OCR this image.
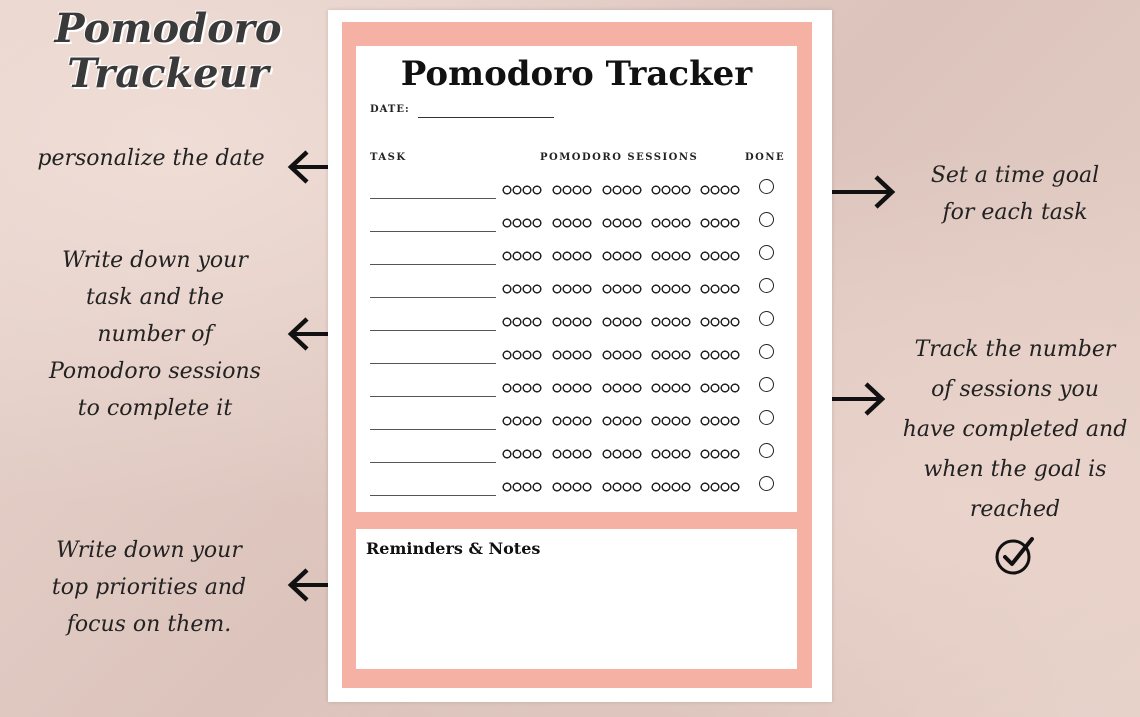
Pomodoro Trackeur
personalize the date
Write down your task and the number of Pomodoro sessions to complete it
Write down your top priorities and focus on them.
Set a time goal for each task
Track the number of sessions you have completed and when the goal is reached
Pomodoro Tracker
DATE:
TASK	POMODORO SESSIONS	DONE
Reminders & Notes
